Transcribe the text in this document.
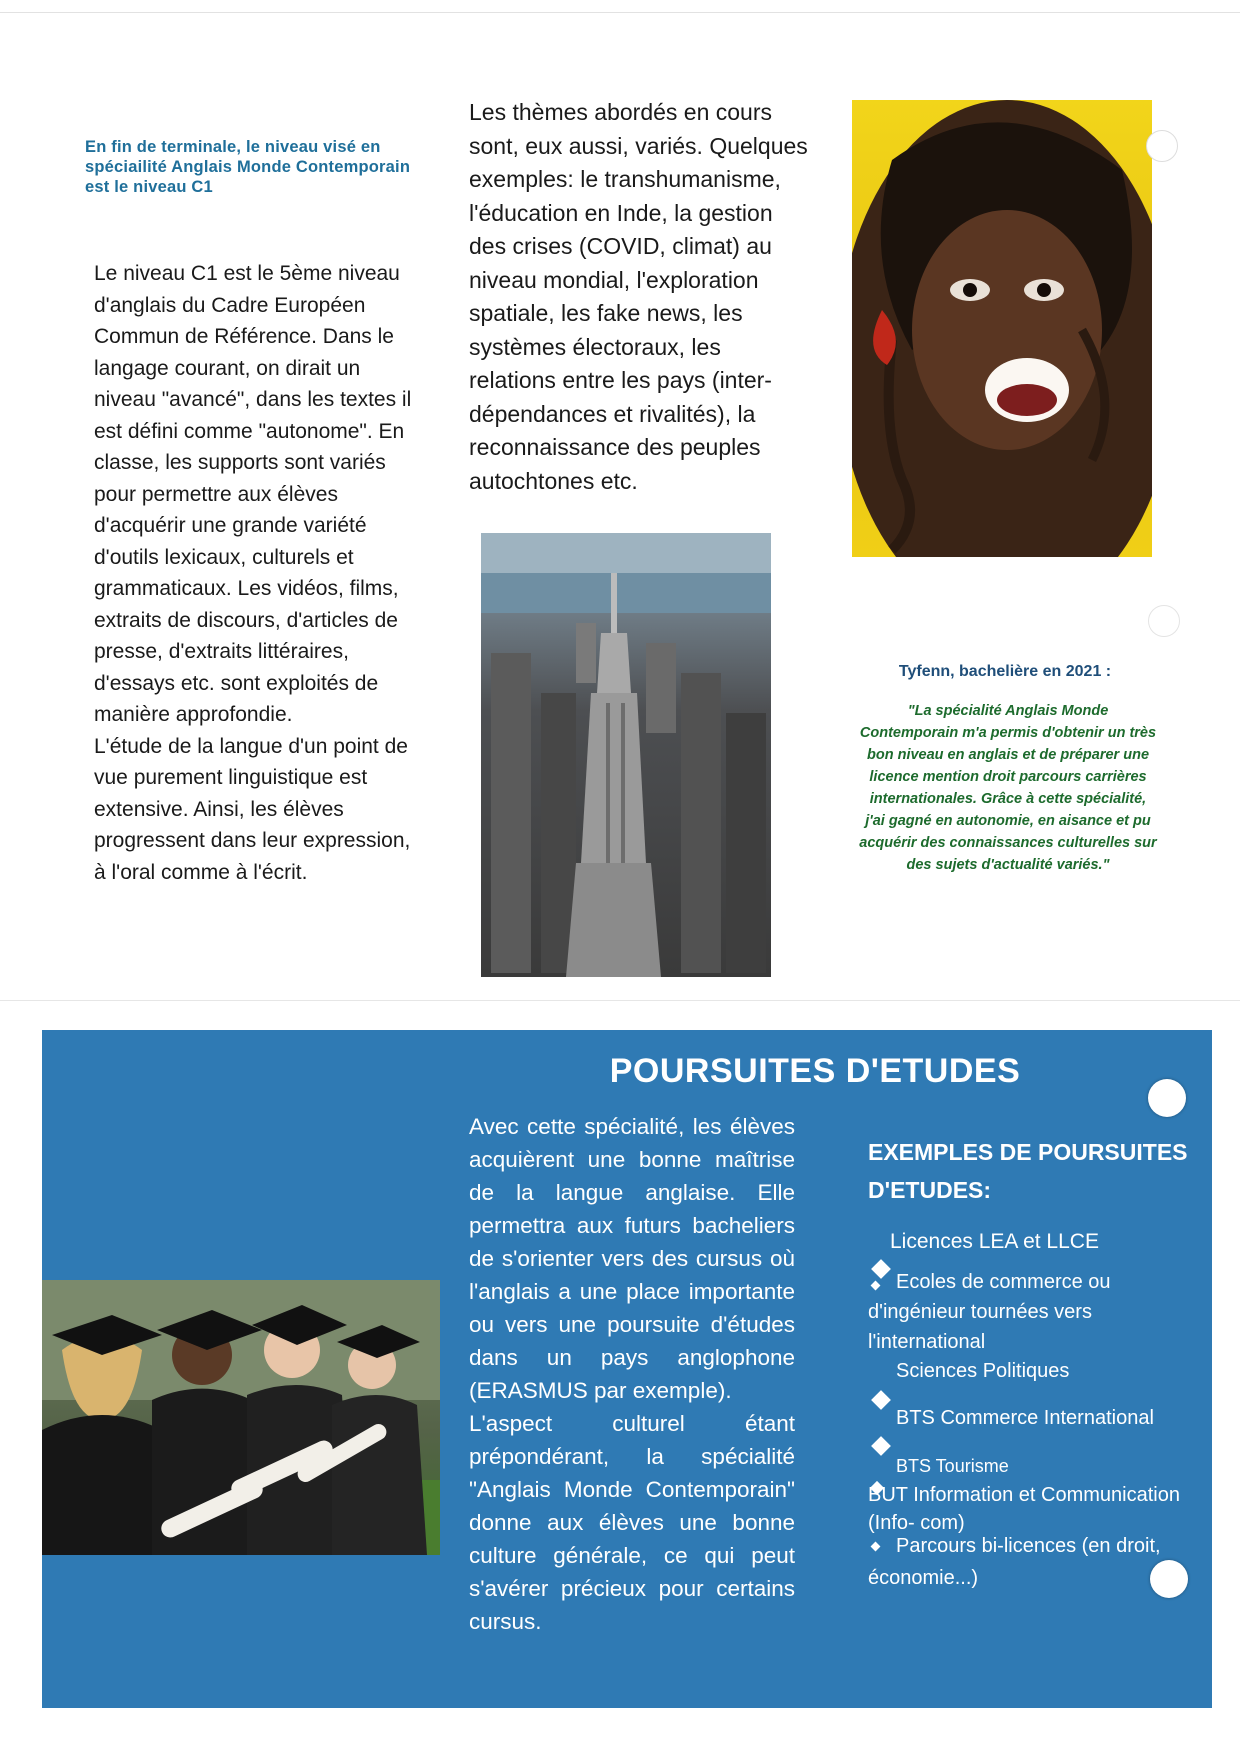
En fin de terminale, le niveau visé en spéciailité Anglais Monde Contemporain est le niveau C1

Le niveau C1 est le 5ème niveau d'anglais du Cadre Européen Commun de Référence. Dans le langage courant, on dirait un niveau "avancé", dans les textes il est défini comme "autonome". En classe, les supports sont variés pour permettre aux élèves d'acquérir une grande variété d'outils lexicaux, culturels et grammaticaux. Les vidéos, films, extraits de discours, d'articles de presse, d'extraits littéraires, d'essays etc. sont exploités de manière approfondie.

L'étude de la langue d'un point de vue purement linguistique est extensive. Ainsi, les élèves progressent dans leur expression, à l'oral comme à l'écrit.

Les thèmes abordés en cours sont, eux aussi, variés. Quelques exemples: le transhumanisme, l'éducation en Inde, la gestion des crises (COVID, climat) au niveau mondial, l'exploration spatiale, les fake news, les systèmes électoraux, les relations entre les pays (inter-dépendances et rivalités), la reconnaissance des peuples autochtones etc.

Tyfenn, bachelière en 2021 :
"La spécialité Anglais Monde Contemporain m'a permis d'obtenir un très bon niveau en anglais et de préparer une licence mention droit parcours carrières internationales. Grâce à cette spécialité, j'ai gagné en autonomie, en aisance et pu acquérir des connaissances culturelles sur des sujets d'actualité variés."
POURSUITES D'ETUDES

Avec cette spécialité, les élèves acquièrent une bonne maîtrise de la langue anglaise. Elle permettra aux futurs bacheliers de s'orienter vers des cursus où l'anglais a une place importante ou vers une poursuite d'études dans un pays anglophone (ERASMUS par exemple).

L'aspect culturel étant prépondérant, la spécialité "Anglais Monde Contemporain" donne aux élèves une bonne culture générale, ce qui peut s'avérer précieux pour certains cursus.

EXEMPLES DE POURSUITES D'ETUDES:
Licences LEA et LLCE
Ecoles de commerce ou d'ingénieur tournées vers l'international
Sciences Politiques
BTS Commerce International
BTS Tourisme
BUT Information et Communication (Info- com)
Parcours bi-licences (en droit, économie...)
